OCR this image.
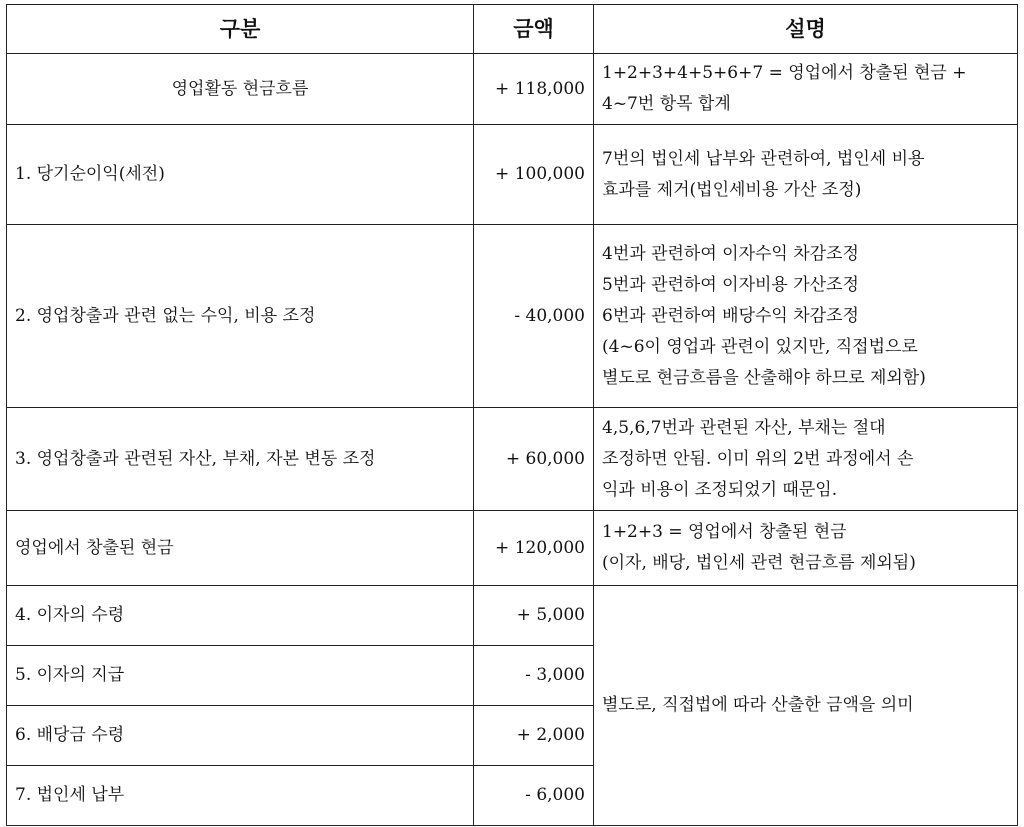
구분	금액	설명
영업활동 현금흐름	+ 118,000	1+2+3+4+5+6+7 = 영업에서 창출된 현금 +
4~7번 항목 합계

1. 당기순이익(세전)	+ 100,000	7번의 법인세 납부와 관련하여, 법인세 비용
효과를 제거(법인세비용 가산 조정)

2. 영업창출과 관련 없는 수익, 비용 조정	- 40,000	4번과 관련하여 이자수익 차감조정
5번과 관련하여 이자비용 가산조정
6번과 관련하여 배당수익 차감조정
(4~6이 영업과 관련이 있지만, 직접법으로
별도로 현금흐름을 산출해야 하므로 제외함)

3. 영업창출과 관련된 자산, 부채, 자본 변동 조정	+ 60,000	4,5,6,7번과 관련된 자산, 부채는 절대
조정하면 안됨. 이미 위의 2번 과정에서 손
익과 비용이 조정되었기 때문임.

영업에서 창출된 현금	+ 120,000	1+2+3 = 영업에서 창출된 현금
(이자, 배당, 법인세 관련 현금흐름 제외됨)

4. 이자의 수령	+ 5,000	별도로, 직접법에 따라 산출한 금액을 의미
5. 이자의 지급	- 3,000	
6. 배당금 수령	+ 2,000	
7. 법인세 납부	- 6,000	
